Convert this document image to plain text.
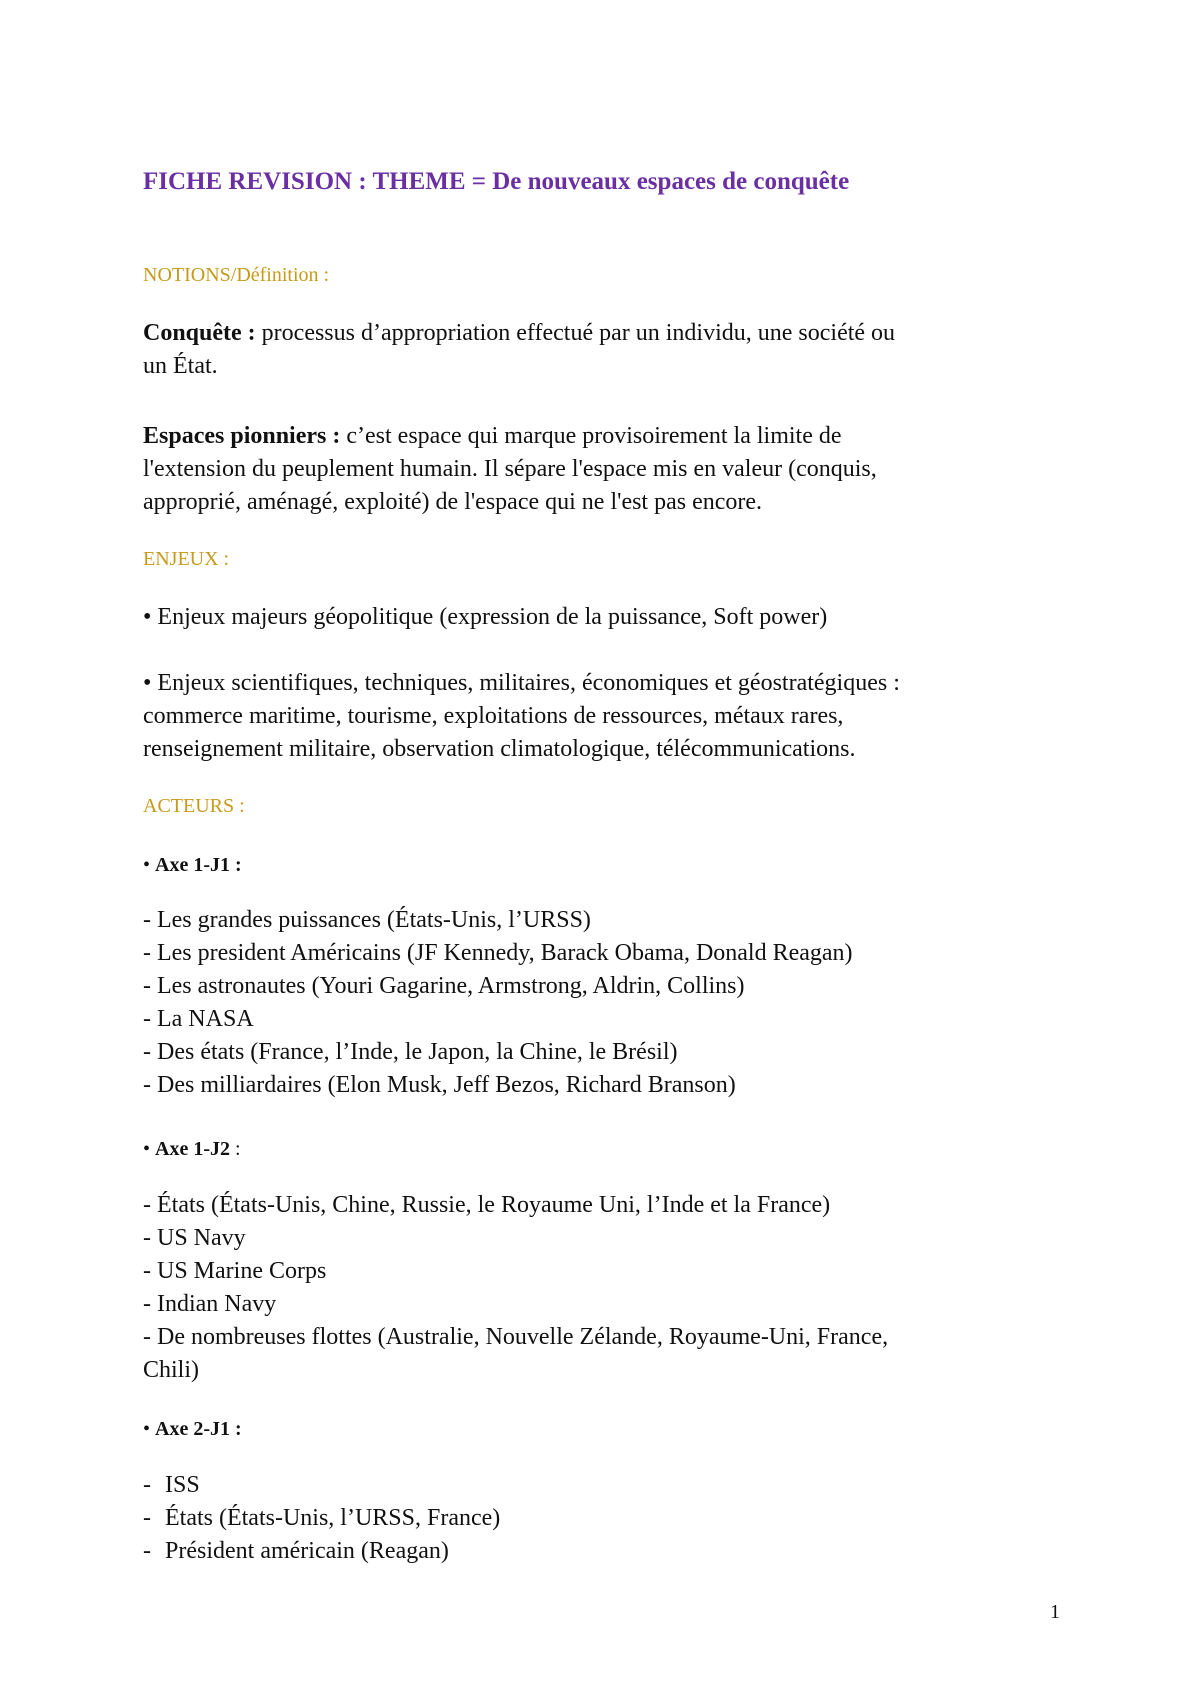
FICHE REVISION : THEME = De nouveaux espaces de conquête
NOTIONS/Définition :
Conquête : processus d’appropriation effectué par un individu, une société ou
un État.
Espaces pionniers : c’est espace qui marque provisoirement la limite de
l'extension du peuplement humain. Il sépare l'espace mis en valeur (conquis,
approprié, aménagé, exploité) de l'espace qui ne l'est pas encore.
ENJEUX :
• Enjeux majeurs géopolitique (expression de la puissance, Soft power)
• Enjeux scientifiques, techniques, militaires, économiques et géostratégiques :
commerce maritime, tourisme, exploitations de ressources, métaux rares,
renseignement militaire, observation climatologique, télécommunications.
ACTEURS :
• Axe 1-J1 :
- Les grandes puissances (États-Unis, l’URSS)
- Les president Américains (JF Kennedy, Barack Obama, Donald Reagan)
- Les astronautes (Youri Gagarine, Armstrong, Aldrin, Collins)
- La NASA
- Des états (France, l’Inde, le Japon, la Chine, le Brésil)
- Des milliardaires (Elon Musk, Jeff Bezos, Richard Branson)
• Axe 1-J2 :
- États (États-Unis, Chine, Russie, le Royaume Uni, l’Inde et la France)
- US Navy
- US Marine Corps
- Indian Navy
- De nombreuses flottes (Australie, Nouvelle Zélande, Royaume-Uni, France,
Chili)
• Axe 2-J1 :
- ISS
- États (États-Unis, l’URSS, France)
- Président américain (Reagan)
1
